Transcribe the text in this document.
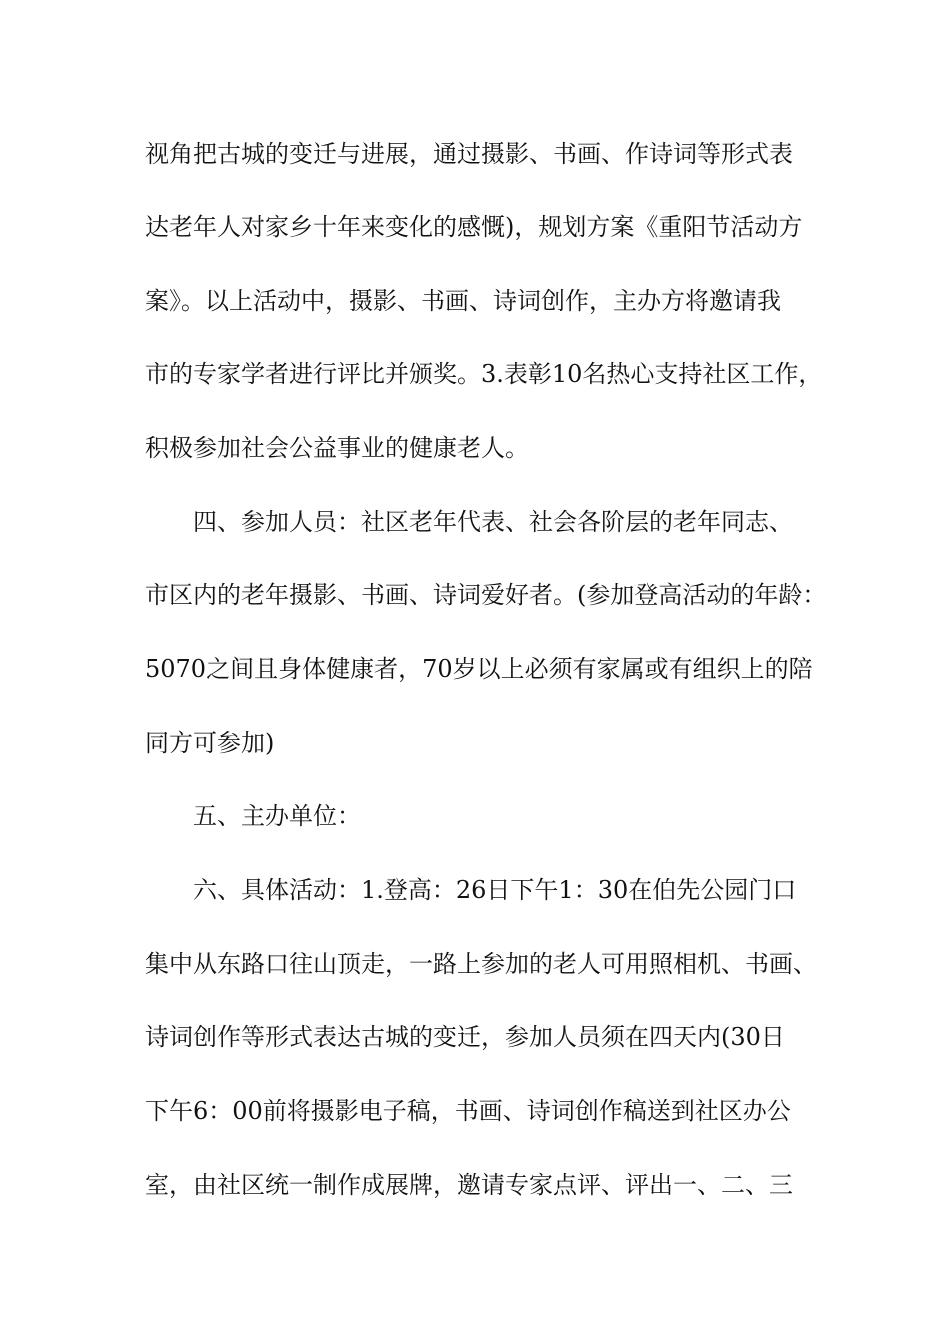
视角把古城的变迁与进展，通过摄影、书画、作诗词等形式表
达老年人对家乡十年来变化的感慨)，规划方案《重阳节活动方
案》。以上活动中，摄影、书画、诗词创作，主办方将邀请我
市的专家学者进行评比并颁奖。3.表彰10名热心支持社区工作，
积极参加社会公益事业的健康老人。
四、参加人员：社区老年代表、社会各阶层的老年同志、
市区内的老年摄影、书画、诗词爱好者。(参加登高活动的年龄：
5070之间且身体健康者，70岁以上必须有家属或有组织上的陪
同方可参加)
五、主办单位：
六、具体活动：1.登高：26日下午1：30在伯先公园门口
集中从东路口往山顶走，一路上参加的老人可用照相机、书画、
诗词创作等形式表达古城的变迁，参加人员须在四天内(30日
下午6：00前将摄影电子稿，书画、诗词创作稿送到社区办公
室，由社区统一制作成展牌，邀请专家点评、评出一、二、三
